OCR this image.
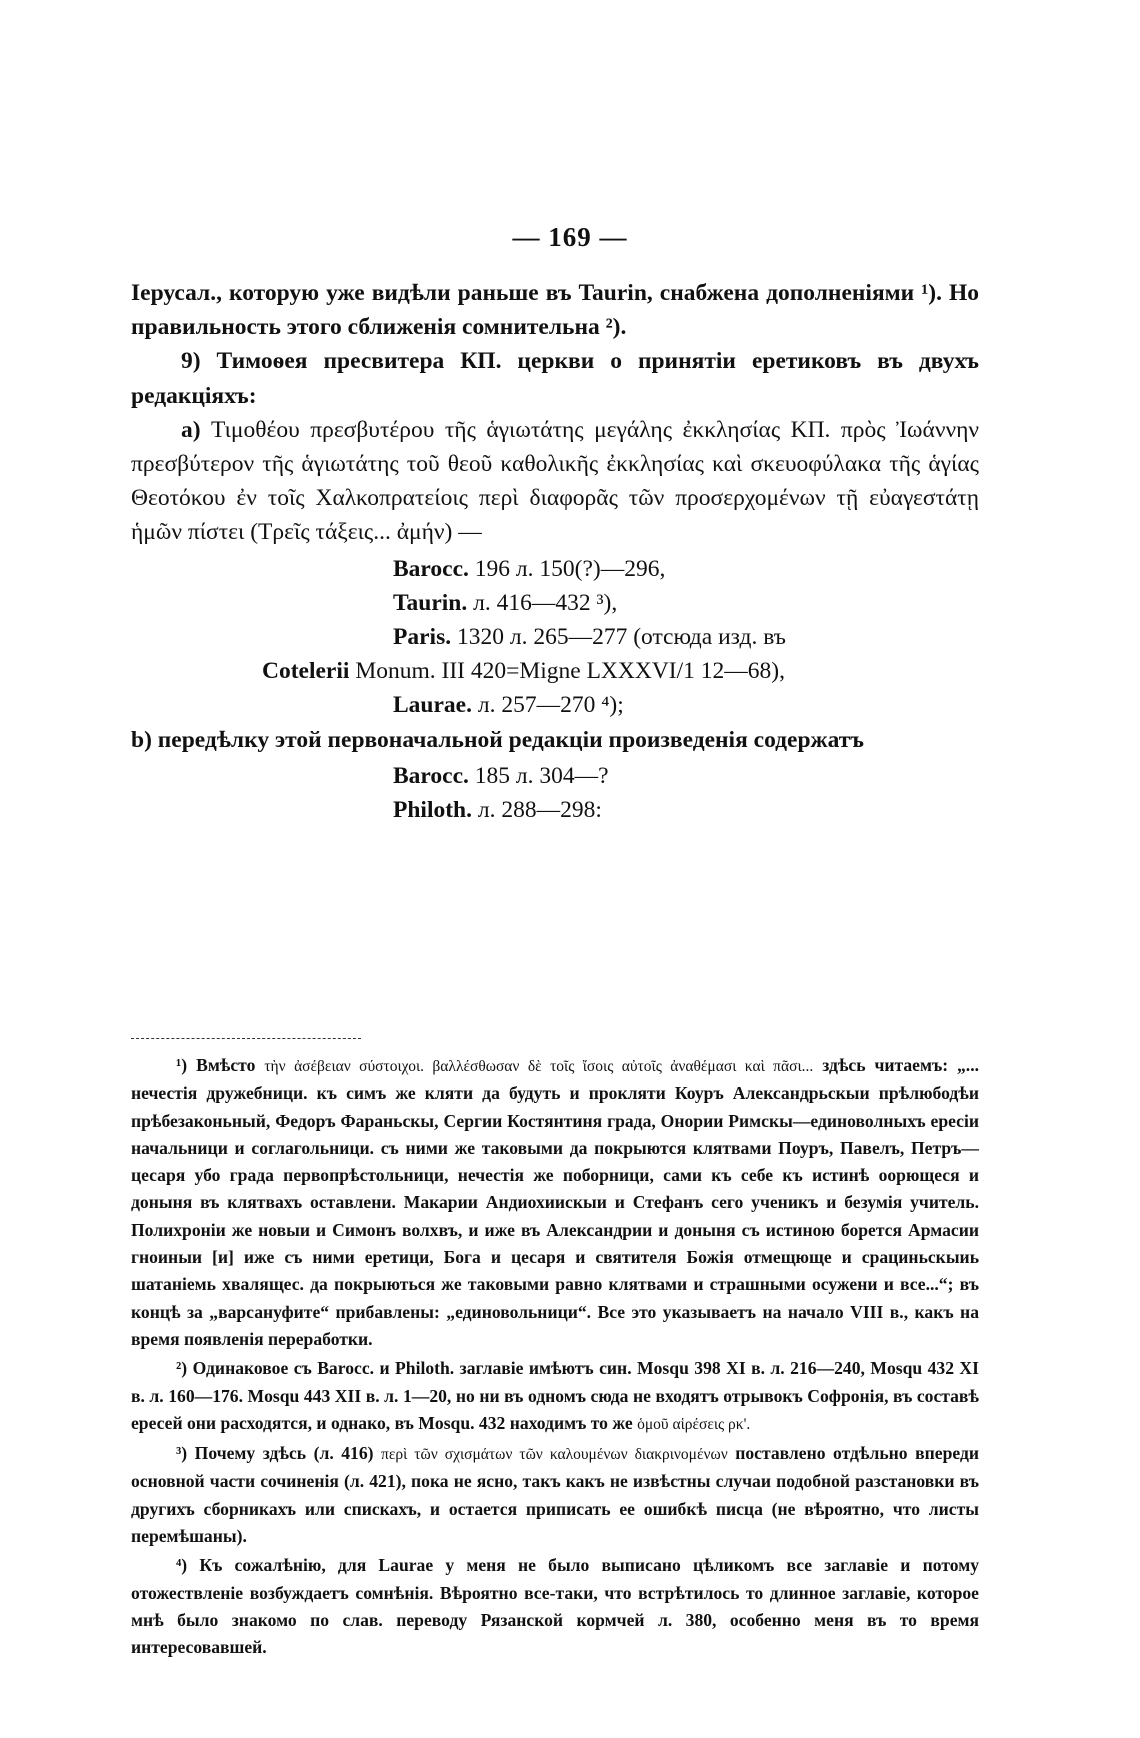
— 169 —

Ιерусал., которую уже видѣли раньше въ Taurin, снабжена дополненіями ¹). Но правильность этого сближенія сомнительна ²).

9) Тимоѳея пресвитера КП. церкви о принятіи еретиковъ въ двухъ редакціяхъ:

a) Τιμοθέου πρεσβυτέρου τῆς ἁγιωτάτης μεγάλης ἐκκλησίας ΚΠ. πρὸς Ἰωάννην πρεσβύτερον τῆς ἁγιωτάτης τοῦ θεοῦ καθολικῆς ἐκκλησίας καὶ σκευοφύλακα τῆς ἁγίας Θεοτόκου ἐν τοῖς Χαλκοπρατείοις περὶ διαφορᾶς τῶν προσερχομένων τῇ εὐαγεστάτῃ ἡμῶν πίστει (Τρεῖς τάξεις... ἀμήν) —

Barocc. 196 л. 150(?)—296,
Taurin. л. 416—432 ³),
Paris. 1320 л. 265—277 (отсюда изд. въ
Cotelerii Monum. III 420=Migne LXXXVI/1 12—68),
Laurae. л. 257—270 ⁴);

b) передѣлку этой первоначальной редакціи произведенія содержатъ

Barocc. 185 л. 304—?
Philoth. л. 288—298:

¹) Вмѣсто τὴν ἀσέβειαν σύστοιχοι. βαλλέσθωσαν δὲ τοῖς ἴσοις αὐτοῖς ἀναθέμασι καὶ πᾶσι... здѣсь читаемъ: „... нечестія дружебници. къ симъ же кляти да будуть и прокляти Коуръ Александрьскыи прѣлюбодѣи прѣбезаконьный, Федоръ Фараньскы, Сергии Костянтиня града, Онории Римскы—единоволныхъ ересіи начальници и соглагольници. съ ними же таковыми да покрыются клятвами Поуръ, Павелъ, Петръ—цесаря убо града первопрѣстольници, нечестія же поборници, сами къ себе къ истинѣ оорющеся и доныня въ клятвахъ оставлени. Макарии Андиохиискыи и Стефанъ сего ученикъ и безумія учитель. Полихроніи же новыи и Симонъ волхвъ, и иже въ Александрии и доныня съ истиною борется Армасии гноиныи [и] иже съ ними еретици, Бога и цесаря и святителя Божія отмещюще и срациньскыиь шатаніемь хвалящес. да покрыються же таковыми равно клятвами и страшными осужени и все...“; въ концѣ за „варсануфите“ прибавлены: „единовольници“. Все это указываетъ на начало VIII в., какъ на время появленія переработки.

²) Одинаковое съ Barocc. и Philoth. заглавіе имѣютъ син. Mosqu 398 XI в. л. 216—240, Mosqu 432 XI в. л. 160—176. Mosqu 443 XII в. л. 1—20, но ни въ одномъ сюда не входятъ отрывокъ Софронія, въ составѣ ересей они расходятся, и однако, въ Mosqu. 432 находимъ то же ὁμοῦ αἱρέσεις ρκ'.

³) Почему здѣсь (л. 416) περὶ τῶν σχισμάτων τῶν καλουμένων διακρινομένων поставлено отдѣльно впереди основной части сочиненія (л. 421), пока не ясно, такъ какъ не извѣстны случаи подобной разстановки въ другихъ сборникахъ или спискахъ, и остается приписать ее ошибкѣ писца (не вѣроятно, что листы перемѣшаны).

⁴) Къ сожалѣнію, для Laurae у меня не было выписано цѣликомъ все заглавіе и потому отожествленіе возбуждаетъ сомнѣнія. Вѣроятно все-таки, что встрѣтилось то длинное заглавіе, которое мнѣ было знакомо по слав. переводу Рязанской кормчей л. 380, особенно меня въ то время интересовавшей.
